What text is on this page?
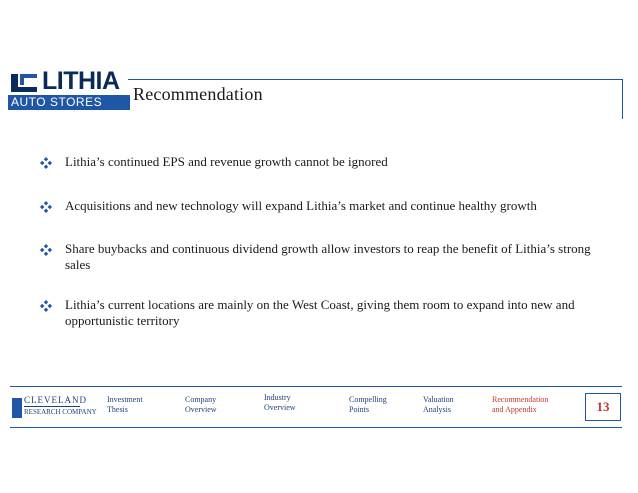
LITHIA
AUTO STORES	Recommendation
Lithia’s continued EPS and revenue growth cannot be ignored
Acquisitions and new technology will expand Lithia’s market and continue healthy growth
Share buybacks and continuous dividend growth allow investors to reap the benefit of Lithia’s strong sales
Lithia’s current locations are mainly on the West Coast, giving them room to expand into new and opportunistic territory
CLEVELAND
RESEARCH COMPANY
Investment
Thesis
Company
Overview
Industry
Overview
Compelling
Points
Valuation
Analysis
Recommendation
and Appendix	13
